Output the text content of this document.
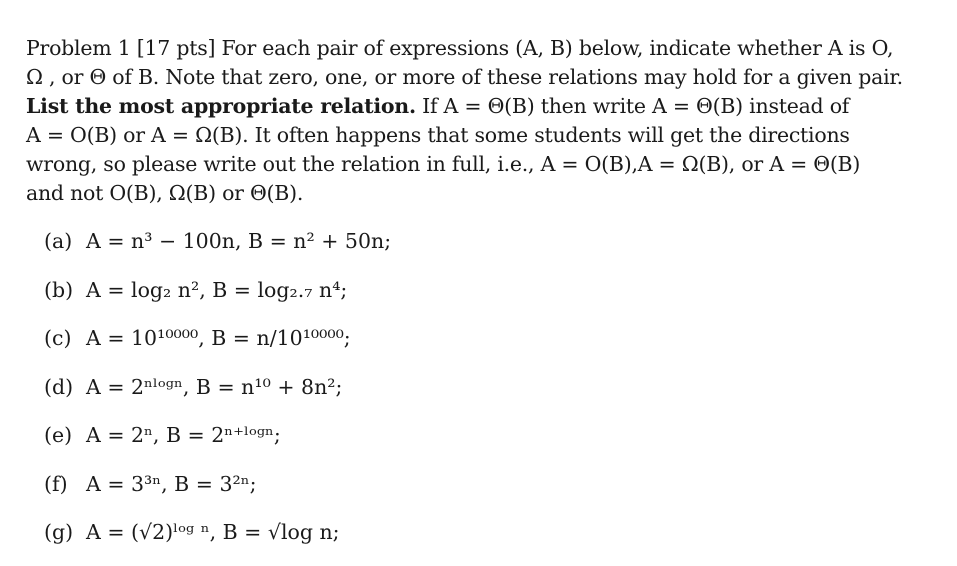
Problem 1 [17 pts] For each pair of expressions (A, B) below, indicate whether A is O,

Ω , or Θ of B. Note that zero, one, or more of these relations may hold for a given pair.

List the most appropriate relation. If A = Θ(B) then write A = Θ(B) instead of

A = O(B) or A = Ω(B). It often happens that some students will get the directions

wrong, so please write out the relation in full, i.e., A = O(B),A = Ω(B), or A = Θ(B)

and not O(B), Ω(B) or Θ(B).

(a) A = n³ − 100n, B = n² + 50n;
(b) A = log₂ n², B = log₂.₇ n⁴;
(c) A = 10¹⁰⁰⁰⁰, B = n/10¹⁰⁰⁰⁰;
(d) A = 2ⁿˡᵒᵍⁿ, B = n¹⁰ + 8n²;
(e) A = 2ⁿ, B = 2ⁿ⁺ˡᵒᵍⁿ;
(f) A = 3³ⁿ, B = 3²ⁿ;
(g) A = (√2)ˡᵒᵍ ⁿ, B = √log n;
